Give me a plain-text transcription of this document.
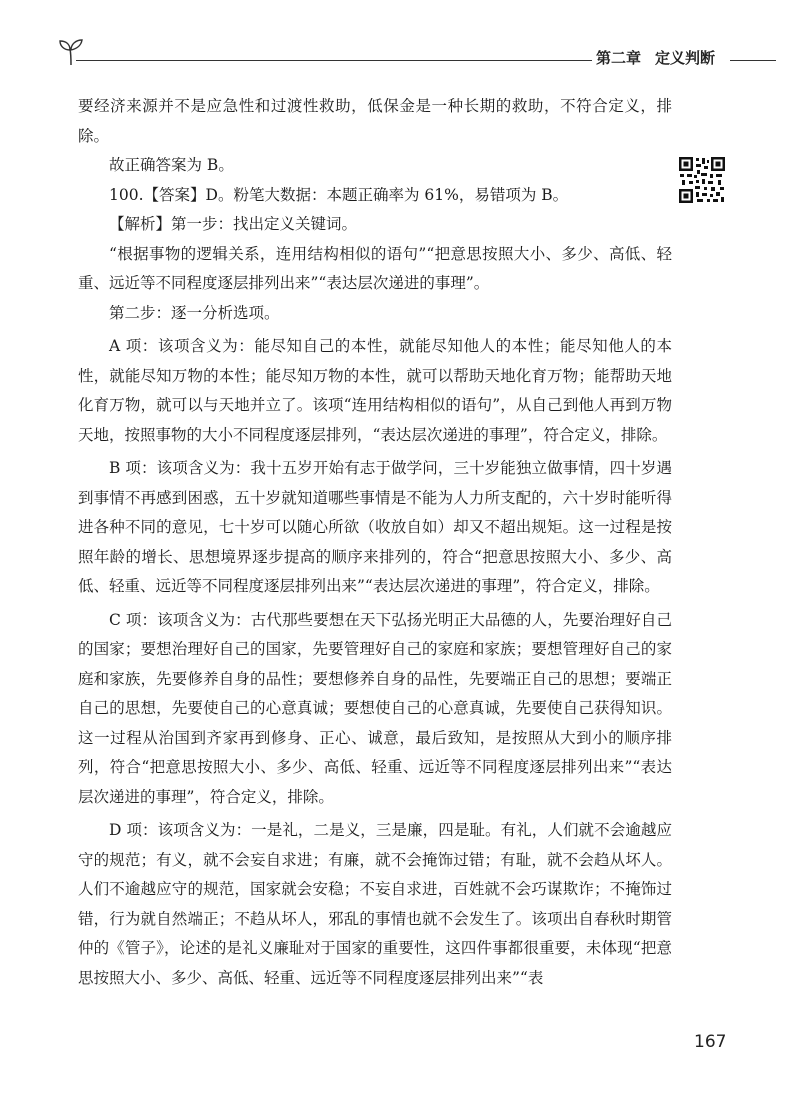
第二章 定义判断

要经济来源并不是应急性和过渡性救助，低保金是一种长期的救助，不符合定义，排除。

故正确答案为 B。

100.【答案】D。粉笔大数据：本题正确率为 61%，易错项为 B。

【解析】第一步：找出定义关键词。

“根据事物的逻辑关系，连用结构相似的语句”“把意思按照大小、多少、高低、轻重、远近等不同程度逐层排列出来”“表达层次递进的事理”。

第二步：逐一分析选项。

A 项：该项含义为：能尽知自己的本性，就能尽知他人的本性；能尽知他人的本性，就能尽知万物的本性；能尽知万物的本性，就可以帮助天地化育万物；能帮助天地化育万物，就可以与天地并立了。该项“连用结构相似的语句”，从自己到他人再到万物天地，按照事物的大小不同程度逐层排列，“表达层次递进的事理”，符合定义，排除。

B 项：该项含义为：我十五岁开始有志于做学问，三十岁能独立做事情，四十岁遇到事情不再感到困惑，五十岁就知道哪些事情是不能为人力所支配的，六十岁时能听得进各种不同的意见，七十岁可以随心所欲（收放自如）却又不超出规矩。这一过程是按照年龄的增长、思想境界逐步提高的顺序来排列的，符合“把意思按照大小、多少、高低、轻重、远近等不同程度逐层排列出来”“表达层次递进的事理”，符合定义，排除。

C 项：该项含义为：古代那些要想在天下弘扬光明正大品德的人，先要治理好自己的国家；要想治理好自己的国家，先要管理好自己的家庭和家族；要想管理好自己的家庭和家族，先要修养自身的品性；要想修养自身的品性，先要端正自己的思想；要端正自己的思想，先要使自己的心意真诚；要想使自己的心意真诚，先要使自己获得知识。这一过程从治国到齐家再到修身、正心、诚意，最后致知，是按照从大到小的顺序排列，符合“把意思按照大小、多少、高低、轻重、远近等不同程度逐层排列出来”“表达层次递进的事理”，符合定义，排除。

D 项：该项含义为：一是礼，二是义，三是廉，四是耻。有礼，人们就不会逾越应守的规范；有义，就不会妄自求进；有廉，就不会掩饰过错；有耻，就不会趋从坏人。人们不逾越应守的规范，国家就会安稳；不妄自求进，百姓就不会巧谋欺诈；不掩饰过错，行为就自然端正；不趋从坏人，邪乱的事情也就不会发生了。该项出自春秋时期管仲的《管子》，论述的是礼义廉耻对于国家的重要性，这四件事都很重要，未体现“把意思按照大小、多少、高低、轻重、远近等不同程度逐层排列出来”“表

167
